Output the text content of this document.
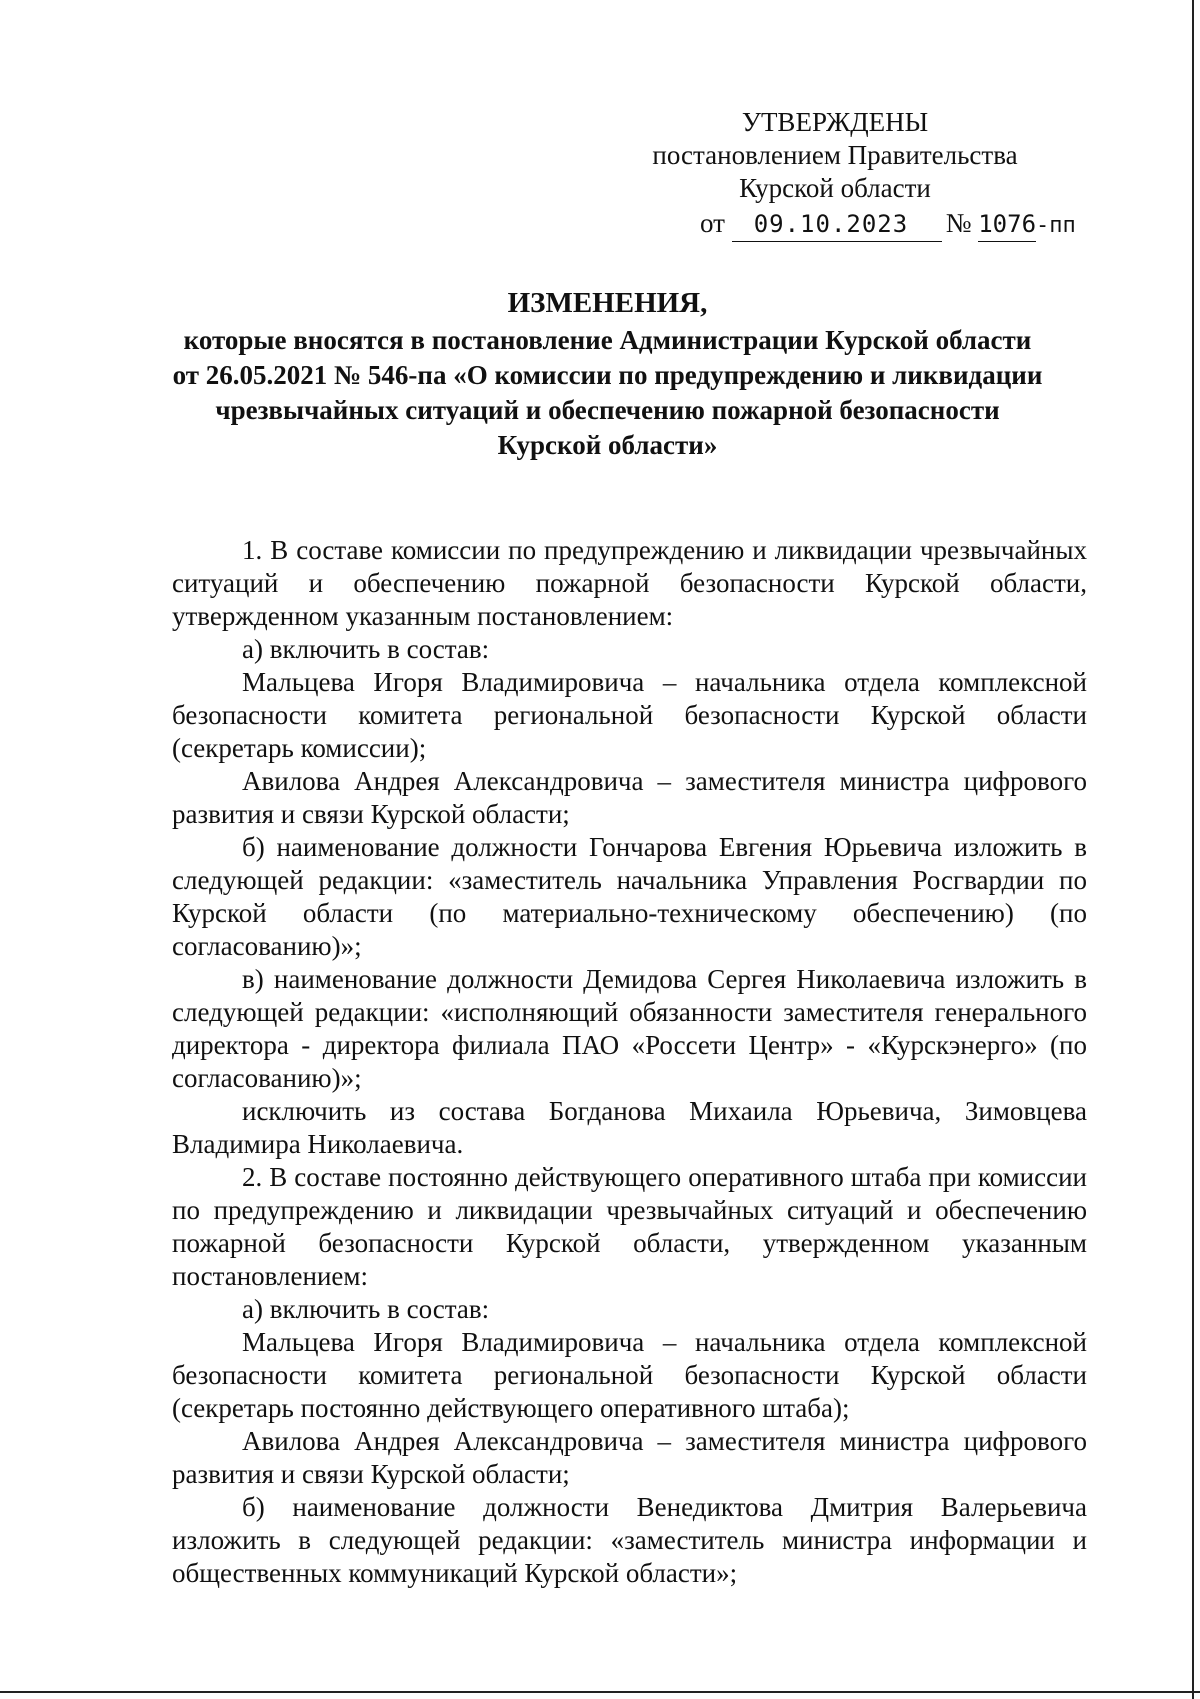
УТВЕРЖДЕНЫ
постановлением Правительства
Курской области
от 09.10.2023 № 1076-пп
ИЗМЕНЕНИЯ,
которые вносятся в постановление Администрации Курской области
от 26.05.2021 № 546-па «О комиссии по предупреждению и ликвидации
чрезвычайных ситуаций и обеспечению пожарной безопасности
Курской области»

1. В составе комиссии по предупреждению и ликвидации чрезвычайных ситуаций и обеспечению пожарной безопасности Курской области, утвержденном указанным постановлением:

а) включить в состав:

Мальцева Игоря Владимировича – начальника отдела комплексной безопасности комитета региональной безопасности Курской области (секретарь комиссии);

Авилова Андрея Александровича – заместителя министра цифрового развития и связи Курской области;

б) наименование должности Гончарова Евгения Юрьевича изложить в следующей редакции: «заместитель начальника Управления Росгвардии по Курской области (по материально-техническому обеспечению) (по согласованию)»;

в) наименование должности Демидова Сергея Николаевича изложить в следующей редакции: «исполняющий обязанности заместителя генерального директора - директора филиала ПАО «Россети Центр» - «Курскэнерго» (по согласованию)»;

исключить из состава Богданова Михаила Юрьевича, Зимовцева Владимира Николаевича.

2. В составе постоянно действующего оперативного штаба при комиссии по предупреждению и ликвидации чрезвычайных ситуаций и обеспечению пожарной безопасности Курской области, утвержденном указанным постановлением:

а) включить в состав:

Мальцева Игоря Владимировича – начальника отдела комплексной безопасности комитета региональной безопасности Курской области (секретарь постоянно действующего оперативного штаба);

Авилова Андрея Александровича – заместителя министра цифрового развития и связи Курской области;

б) наименование должности Венедиктова Дмитрия Валерьевича изложить в следующей редакции: «заместитель министра информации и общественных коммуникаций Курской области»;
